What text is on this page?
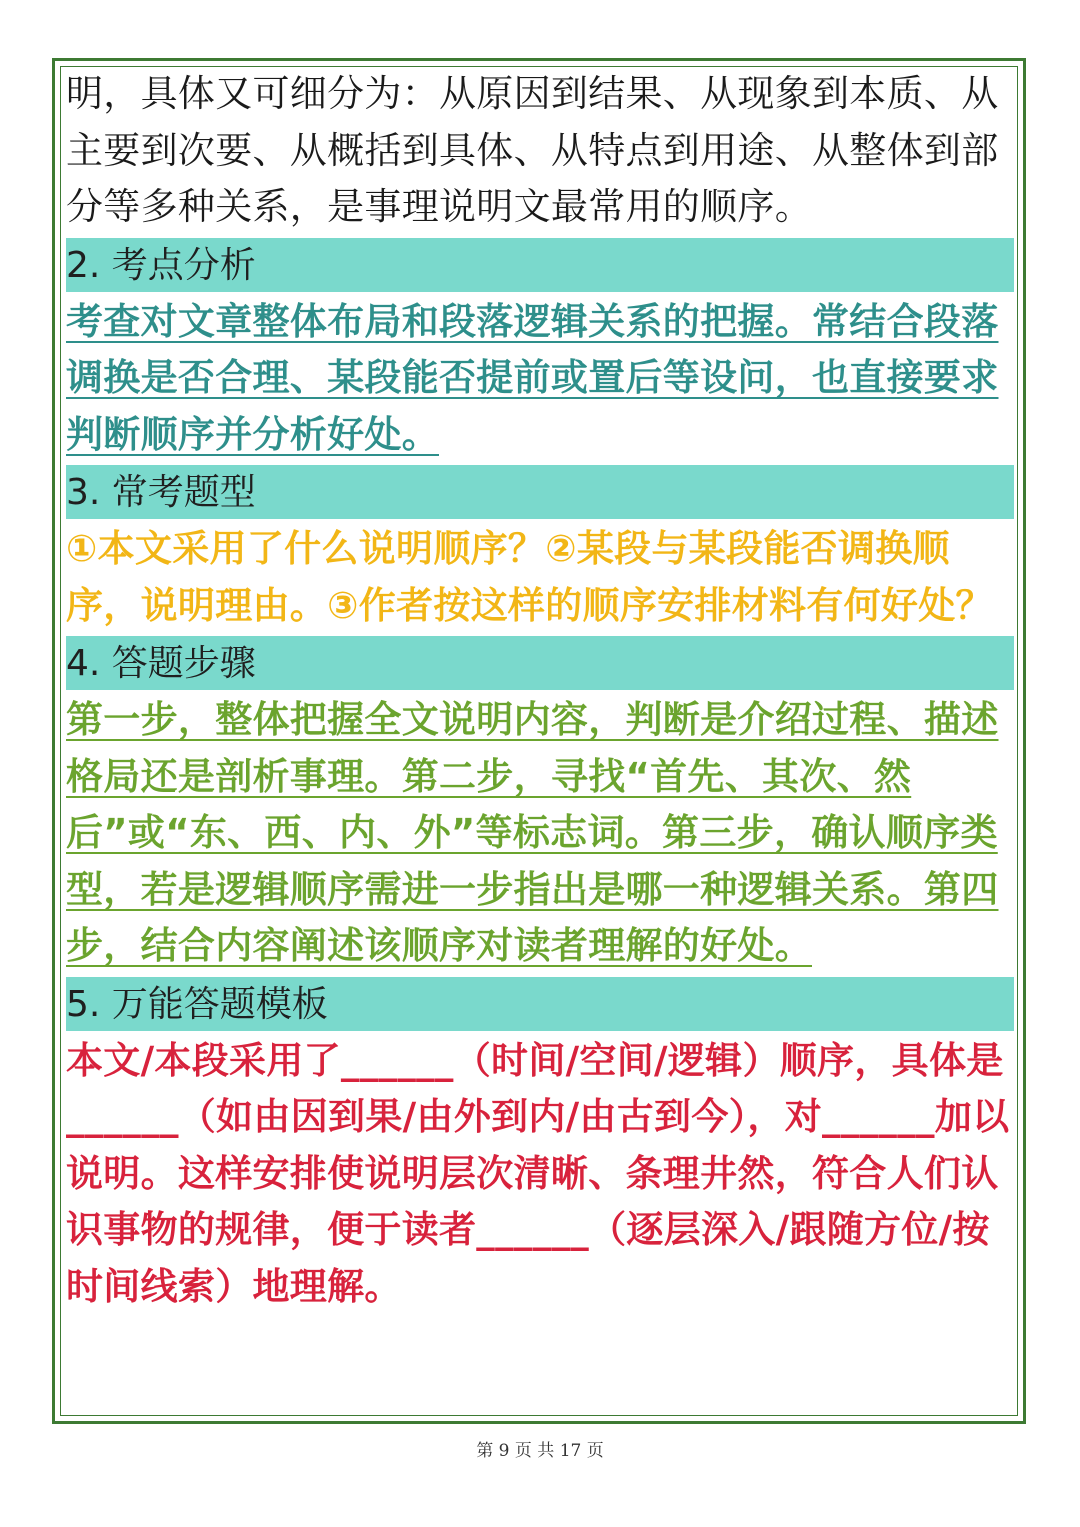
明，具体又可细分为：从原因到结果、从现象到本质、从主要到次要、从概括到具体、从特点到用途、从整体到部分等多种关系，是事理说明文最常用的顺序。

2. 考点分析

考查对文章整体布局和段落逻辑关系的把握。常结合段落调换是否合理、某段能否提前或置后等设问，也直接要求判断顺序并分析好处。

3. 常考题型

①本文采用了什么说明顺序？②某段与某段能否调换顺序，说明理由。③作者按这样的顺序安排材料有何好处？

4. 答题步骤

第一步，整体把握全文说明内容，判断是介绍过程、描述格局还是剖析事理。第二步，寻找“首先、其次、然后”或“东、西、内、外”等标志词。第三步，确认顺序类型，若是逻辑顺序需进一步指出是哪一种逻辑关系。第四步，结合内容阐述该顺序对读者理解的好处。

5. 万能答题模板

本文/本段采用了______（时间/空间/逻辑）顺序，具体是______（如由因到果/由外到内/由古到今），对______加以说明。这样安排使说明层次清晰、条理井然，符合人们认识事物的规律，便于读者______（逐层深入/跟随方位/按时间线索）地理解。

第 9 页 共 17 页
